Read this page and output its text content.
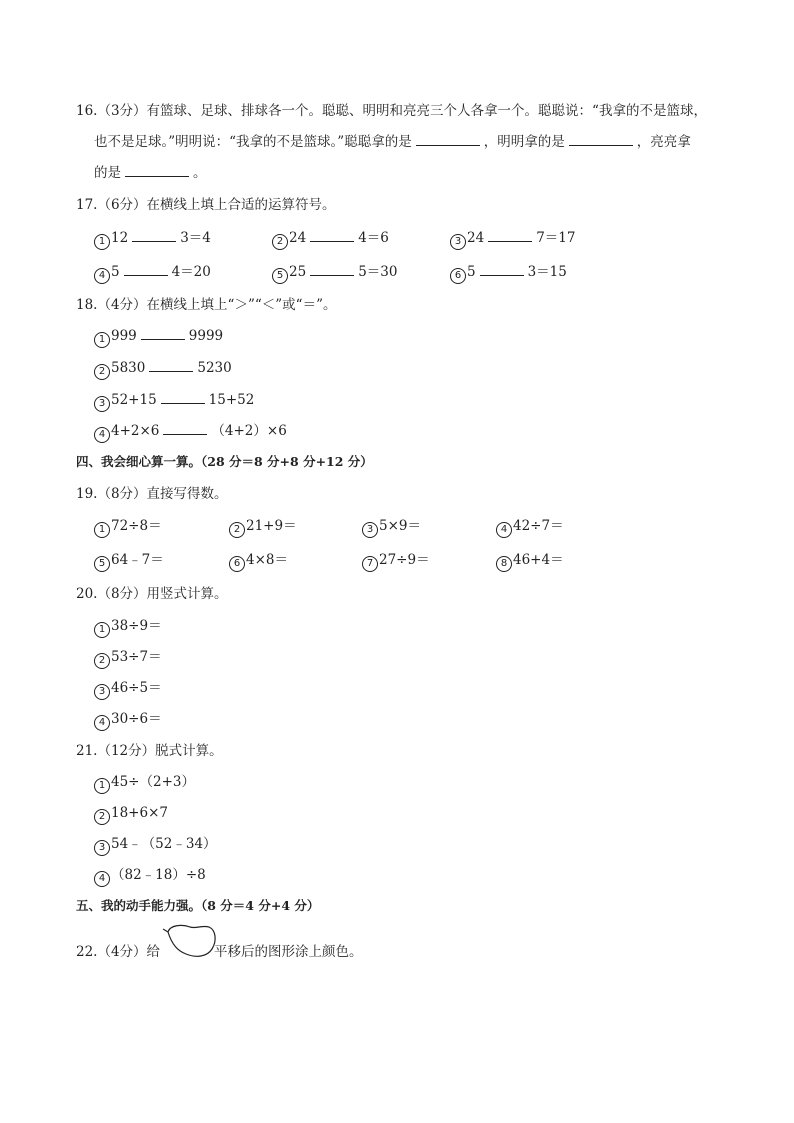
16.（3分）有篮球、足球、排球各一个。聪聪、明明和亮亮三个人各拿一个。聪聪说：“我拿的不是篮球，
也不是足球。”明明说：“我拿的不是篮球。”聪聪拿的是	，明明拿的是	，亮亮拿
的是	。
17.（6分）在横线上填上合适的运算符号。
1 12	3＝4	2 24	4＝6	3 24	7＝17
4 5	4＝20	5 25	5＝30	6 5	3＝15
18.（4分）在横线上填上“＞”“＜”或“＝”。
1 999	9999
2 5830	5230
3 52+15	15+52
4 4+2×6	（4+2）×6
四、我会细心算一算。（28 分＝8 分+8 分+12 分）
19.（8分）直接写得数。
1 72÷8＝	2 21+9＝	3 5×9＝	4 42÷7＝
5 64﹣7＝	6 4×8＝	7 27÷9＝	8 46+4＝
20.（8分）用竖式计算。
1 38÷9＝
2 53÷7＝
3 46÷5＝
4 30÷6＝
21.（12分）脱式计算。
1 45÷（2+3）
2 18+6×7
3 54﹣（52﹣34）
4 （82﹣18）÷8
五、我的动手能力强。（8 分＝4 分+4 分）
22.（4分）给	平移后的图形涂上颜色。
